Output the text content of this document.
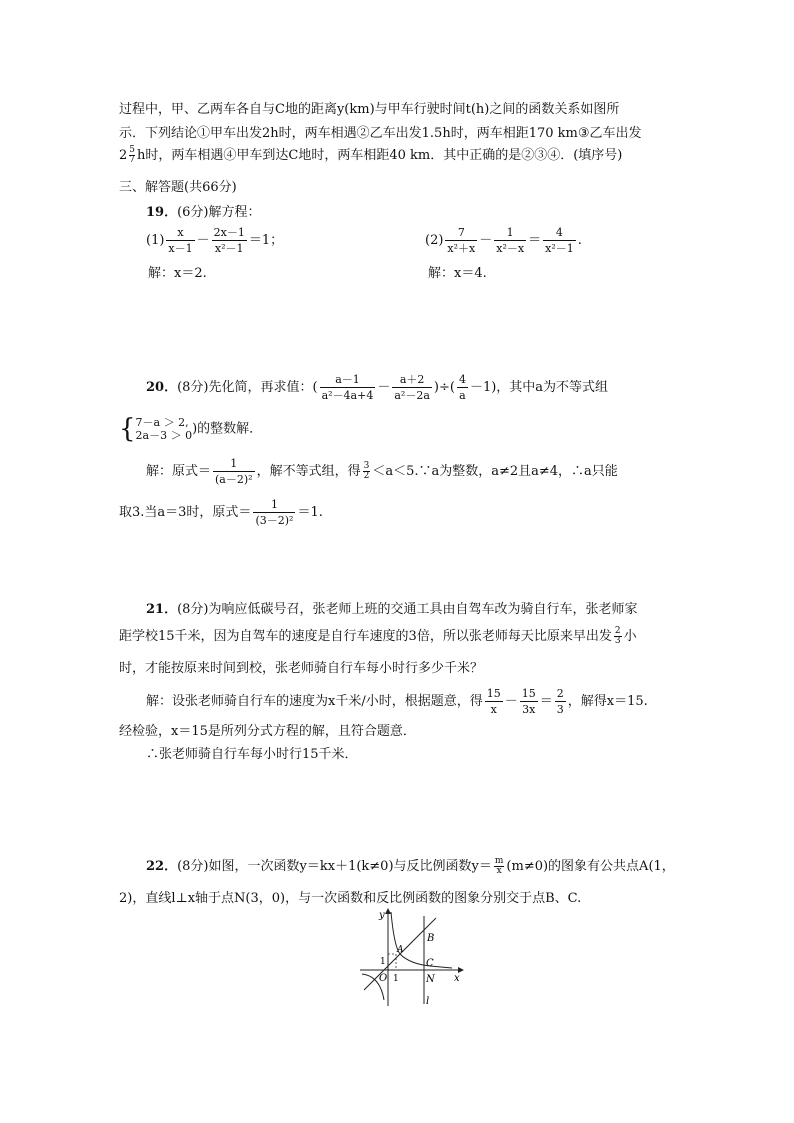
过程中，甲、乙两车各自与C地的距离y(km)与甲车行驶时间t(h)之间的函数关系如图所
示．下列结论①甲车出发2h时，两车相遇②乙车出发1.5h时，两车相距170 km③乙车出发
$2 \frac{5}{7}$ h时，两车相遇④甲车到达C地时，两车相距40 km．其中正确的是②③④．(填序号)
三、解答题(共66分)
19．(6分)解方程：
$(1) \frac{x}{x-1} - \frac{2x-1}{\text{x²－1}} =1$；
解：x＝2.
$(2) \frac{7}{\text{x²＋x}} - \frac{1}{\text{x²－x}} = \frac{4}{\text{x²－1}}$ .
解：x＝4.
20．(8分)先化简，再求值：( $\frac{a-1}{\text{a²－4a+4}} - \frac{a+2}{\text{a²－2a}}$ )÷( $\frac{4}{a} -1$)，其中a为不等式组
{ 7－a ＞ 2,
2a－3 ＞ 0 )的整数解．
解：原式＝ $\frac{1}{\text{(a－2)²}}$ ，解不等式组，得 $\frac{3}{2}$ ＜a＜5.∵a为整数，a≠2且a≠4，∴a只能
取3.当a＝3时，原式＝ $\frac{1}{\text{(3－2)²}} =1$.
21．(8分)为响应低碳号召，张老师上班的交通工具由自驾车改为骑自行车，张老师家
距学校15千米，因为自驾车的速度是自行车速度的3倍，所以张老师每天比原来早出发 $\frac{2}{3}$ 小
时，才能按原来时间到校，张老师骑自行车每小时行多少千米？
解：设张老师骑自行车的速度为x千米/小时，根据题意，得 $\frac{15}{x} - \frac{15}{3x} = \frac{2}{3}$ ，解得x＝15.
经检验，x＝15是所列分式方程的解，且符合题意．
∴张老师骑自行车每小时行15千米．
22．(8分)如图，一次函数y＝kx＋1(k≠0)与反比例函数$y= \frac{m}{x} (m\ne 0)$的图象有公共点A(1，
2)，直线l⊥x轴于点N(3，0)，与一次函数和反比例函数的图象分别交于点B、C.
y
x
O 1
1
A
B
C
N
l
